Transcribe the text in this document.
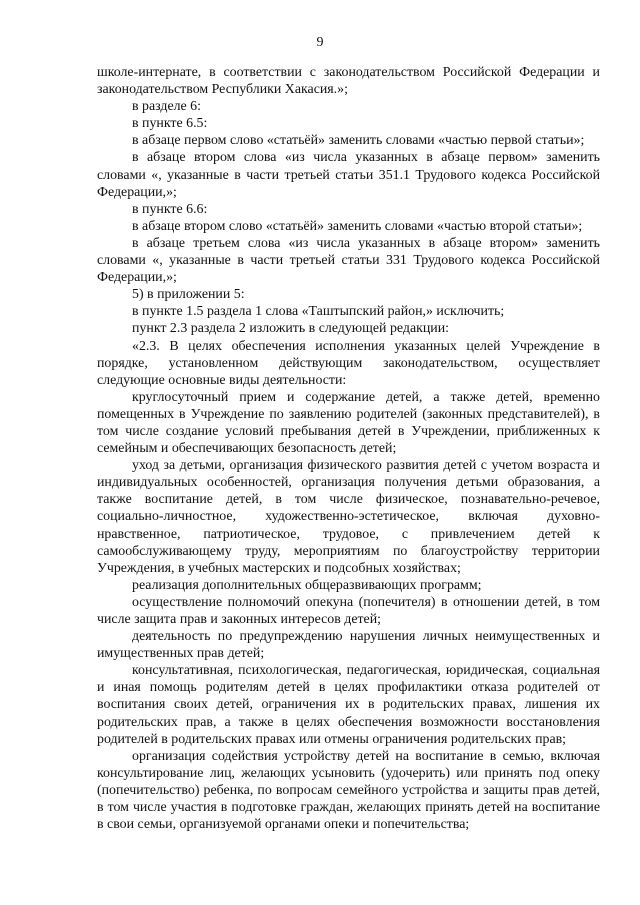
9

школе-интернате, в соответствии с законодательством Российской Федерации и законодательством Республики Хакасия.»;

в разделе 6:

в пункте 6.5:

в абзаце первом слово «статьёй» заменить словами «частью первой статьи»;

в абзаце втором слова «из числа указанных в абзаце первом» заменить словами «, указанные в части третьей статьи 351.1 Трудового кодекса Российской Федерации,»;

в пункте 6.6:

в абзаце втором слово «статьёй» заменить словами «частью второй статьи»;

в абзаце третьем слова «из числа указанных в абзаце втором» заменить словами «, указанные в части третьей статьи 331 Трудового кодекса Российской Федерации,»;

5) в приложении 5:

в пункте 1.5 раздела 1 слова «Таштыпский район,» исключить;

пункт 2.3 раздела 2 изложить в следующей редакции:

«2.3. В целях обеспечения исполнения указанных целей Учреждение в порядке, установленном действующим законодательством, осуществляет следующие основные виды деятельности:

круглосуточный прием и содержание детей, а также детей, временно помещенных в Учреждение по заявлению родителей (законных представителей), в том числе создание условий пребывания детей в Учреждении, приближенных к семейным и обеспечивающих безопасность детей;

уход за детьми, организация физического развития детей с учетом возраста и индивидуальных особенностей, организация получения детьми образования, а также воспитание детей, в том числе физическое, познавательно-речевое, социально-личностное, художественно-эстетическое, включая духовно-нравственное, патриотическое, трудовое, с привлечением детей к самообслуживающему труду, мероприятиям по благоустройству территории Учреждения, в учебных мастерских и подсобных хозяйствах;

реализация дополнительных общеразвивающих программ;

осуществление полномочий опекуна (попечителя) в отношении детей, в том числе защита прав и законных интересов детей;

деятельность по предупреждению нарушения личных неимущественных и имущественных прав детей;

консультативная, психологическая, педагогическая, юридическая, социальная и иная помощь родителям детей в целях профилактики отказа родителей от воспитания своих детей, ограничения их в родительских правах, лишения их родительских прав, а также в целях обеспечения возможности восстановления родителей в родительских правах или отмены ограничения родительских прав;

организация содействия устройству детей на воспитание в семью, включая консультирование лиц, желающих усыновить (удочерить) или принять под опеку (попечительство) ребенка, по вопросам семейного устройства и защиты прав детей, в том числе участия в подготовке граждан, желающих принять детей на воспитание в свои семьи, организуемой органами опеки и попечительства;
